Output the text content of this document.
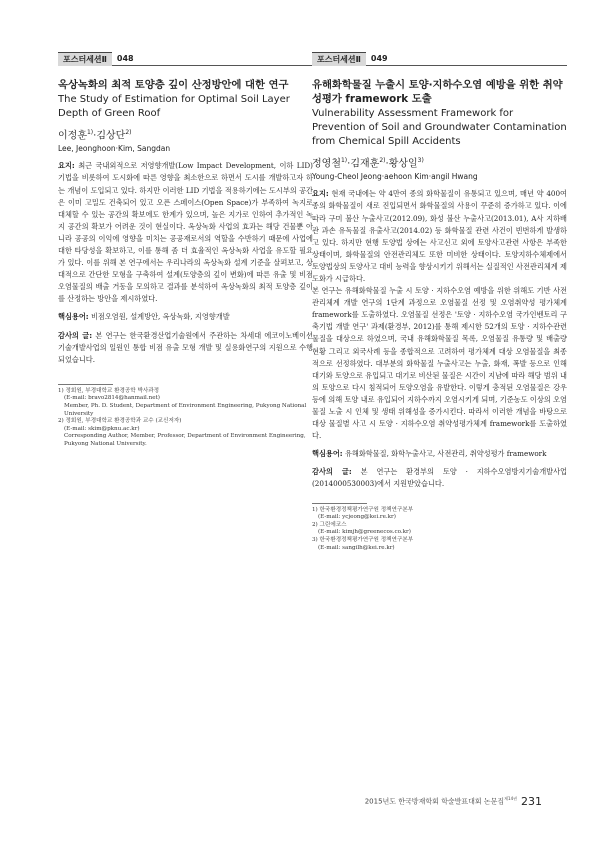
포스터세션Ⅱ	048
옥상녹화의 최적 토양층 깊이 산정방안에 대한 연구
The Study of Estimation for Optimal Soil Layer Depth of Green Roof
이정훈$^{1)}$·김상단$^{2)}$
Lee, Jeonghoon·Kim, Sangdan

요지: 최근 국내외적으로 저영향개발(Low Impact Development, 이하 LID) 기법을 비롯하여 도시화에 따른 영향을 최소한으로 하면서 도시를 개발하고자 하는 개념이 도입되고 있다. 하지만 이러한 LID 기법을 적용하기에는 도시부의 공간은 이미 고밀도 건축되어 있고 오픈 스페이스(Open Space)가 부족하여 녹지로 대체할 수 있는 공간의 확보에도 한계가 있으며, 높은 지가로 인하여 추가적인 녹지 공간의 확보가 어려운 것이 현실이다. 옥상녹화 사업의 효과는 해당 건물뿐 아니라 공공의 이익에 영향을 미치는 공공재로서의 역할을 수반하기 때문에 사업에 대한 타당성을 확보하고, 이를 통해 좀 더 효율적인 옥상녹화 사업을 유도할 필요가 있다. 이를 위해 본 연구에서는 우리나라의 옥상녹화 설계 기준을 살펴보고, 상대적으로 간단한 모형을 구축하여 설계(토양층의 깊이 변화)에 따른 유출 및 비점오염물질의 배출 거동을 모의하고 결과를 분석하여 옥상녹화의 최적 토양층 깊이를 산정하는 방안을 제시하였다.

핵심용어: 비점오염원, 설계방안, 옥상녹화, 지영향개발

감사의 글: 본 연구는 한국환경산업기술원에서 주관하는 차세대 에코이노베이션기술개발사업의 일원인 통합 비점 유출 모형 개발 및 실용화연구의 지원으로 수행되었습니다.

1) 정회원, 부경대학교 환경공학 박사과정

(E-mail: bravo2814@hanmail.net)

Member, Ph. D. Student, Department of Environment Engineering, Pukyong National University

2) 정회원, 부경대학교 환경공학과 교수 (교신저자)

(E-mail: skim@pknu.ac.kr)

Corresponding Author, Member, Professor, Department of Environment Engineering, Pukyong National University.

포스터세션Ⅱ	049
유해화학물질 누출시 토양·지하수오염 예방을 위한 취약성평가 framework 도출
Vulnerability Assessment Framework for Prevention of Soil and Groundwater Contamination from Chemical Spill Accidents
정영철$^{1)}$·김재훈$^{2)}$·황상일$^{3)}$
Young-Cheol Jeong·aehoon Kim·angil Hwang

요지: 현재 국내에는 약 4만여 종의 화학물질이 유통되고 있으며, 매년 약 400여 종의 화학물질이 새로 진입되면서 화학물질의 사용이 꾸준히 증가하고 있다. 이에 따라 구미 불산 누출사고(2012.09), 화성 불산 누출사고(2013.01), A사 지하배관 과손 유독물질 유출사고(2014.02) 등 화학물질 관련 사건이 빈번하게 발생하고 있다. 하지만 현행 토양법 상에는 사고신고 외에 토양사고관련 사항은 부족한 상태이며, 화학물질의 안전관리체도 또한 미비한 상태이다. 토양지하수체제에서 토양법상의 토양사고 대비 능력을 향상시키기 위해서는 실질적인 사전관리체계 제도화가 시급하다.

본 연구는 유해화학물질 누출 시 토양 · 지하수오염 예방을 위한 위해도 기반 사전관리체계 개발 연구의 1단계 과정으로 오염물질 선정 및 오염취약성 평가체계 framework를 도출하였다. 오염물질 선정은 '토양 · 지하수오염 국가인벤토리 구축기법 개발 연구' 과제(환경부, 2012)를 통해 제시한 52개의 토양 · 지하수관련 물질을 대상으로 하였으며, 국내 유해화학물질 목록, 오염물질 유통량 및 배출량 현황 그리고 외국사례 등을 종합적으로 고려하여 평가체계 대상 오염물질을 최종적으로 선정하였다. 대부분의 화학물질 누출사고는 누출, 화재, 폭발 등으로 인해 대기와 토양으로 유입되고 대기로 비산된 물질은 시간이 지남에 따라 해당 범위 내의 토양으로 다시 침적되어 토양오염을 유발한다. 이렇게 충적된 오염물질은 강우 등에 의해 토양 내로 유입되어 지하수까지 오염시키게 되며, 기준농도 이상의 오염 물질 노출 시 인체 및 생태 위해성을 증가시킨다. 따라서 이러한 개념을 바탕으로 대상 물질별 사고 시 토양 · 지하수오염 취약성평가체계 framework를 도출하였다.

핵심용어: 유해화학물질, 화학누출사고, 사전관리, 취약성평가 framework

감사의 글: 본 연구는 환경부의 토양 · 지하수오염방지기술개발사업(2014000530003)에서 지원받았습니다.

1) 한국환경정책평가연구원 정책연구본부

(E-mail: ycjeong@kei.re.kr)

2) 그린에코스

(E-mail: kimjh@greenecos.co.kr)

3) 한국환경정책평가연구원 정책연구본부

(E-mail: sangilh@kei.re.kr)

2015년도 한국방재학회 학술발표대회 논문집$^{제14권}$ 231
